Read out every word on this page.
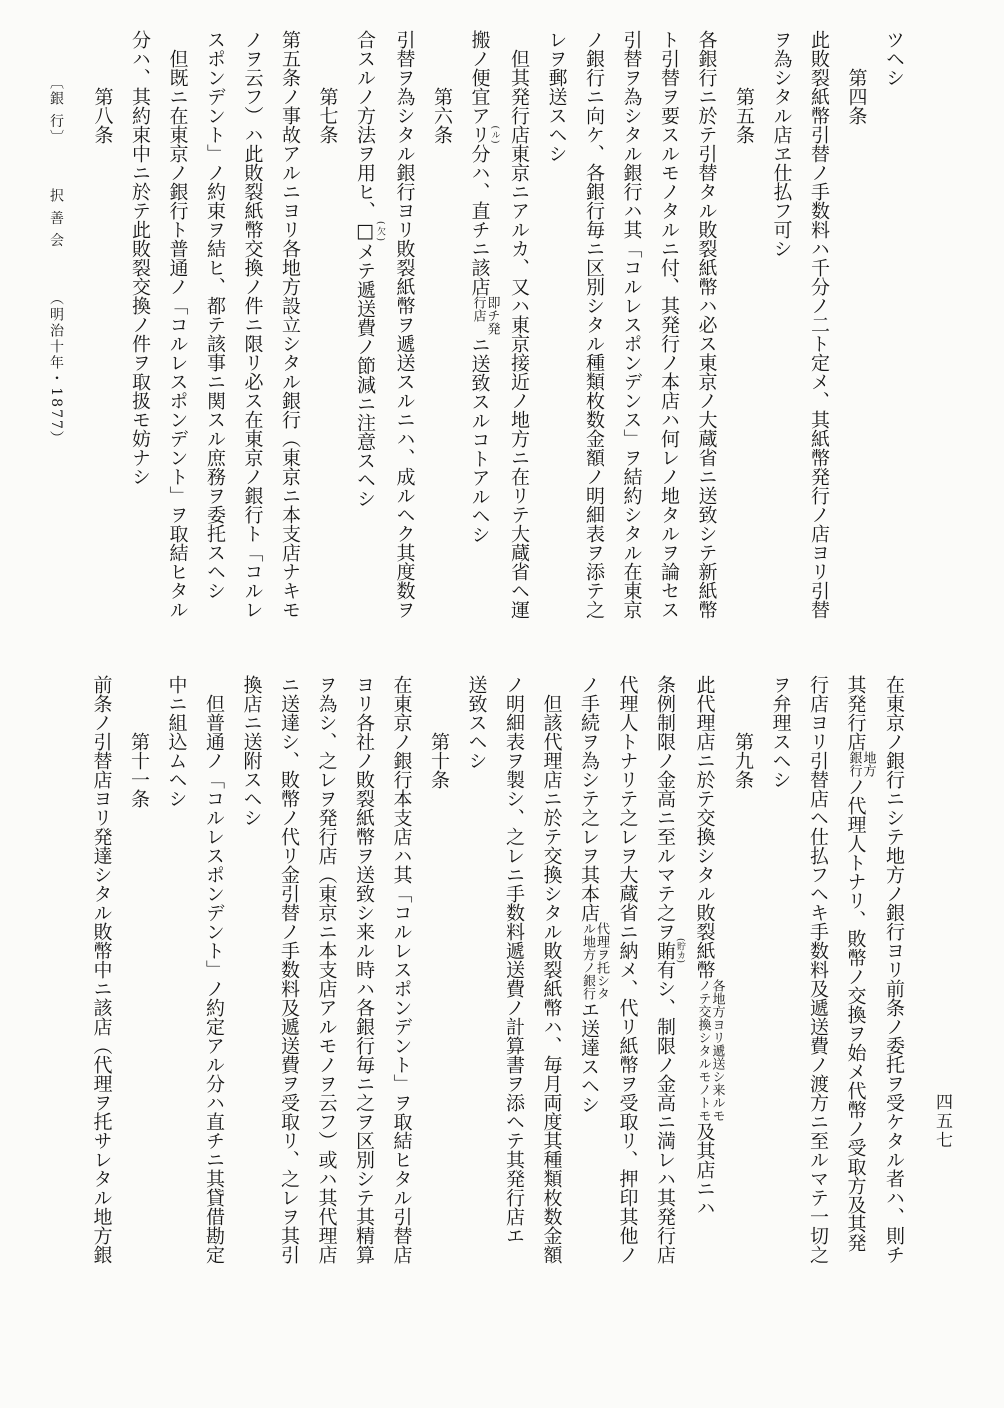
〔銀 行〕 択 善 会 （明治十年・1877）
ツヘシ
第四条
此敗裂紙幣引替ノ手数料ハ千分ノ二ト定メ、其紙幣発行ノ店ヨリ引替
ヲ為シタル店ヱ仕払フ可シ
第五条
各銀行ニ於テ引替タル敗裂紙幣ハ必ス東京ノ大蔵省ニ送致シテ新紙幣
ト引替ヲ要スルモノタルニ付、其発行ノ本店ハ何レノ地タルヲ論セス
引替ヲ為シタル銀行ハ其「コルレスポンデンス」ヲ結約シタル在東京
ノ銀行ニ向ケ、各銀行毎ニ区別シタル種類枚数金額ノ明細表ヲ添テ之
レヲ郵送スヘシ
但其発行店東京ニアルカ、又ハ東京接近ノ地方ニ在リテ大蔵省ヘ運
搬ノ便宜アリ (ル)分ハ、直チニ該店
即チ発
行店
ニ送致スルコトアルヘシ
第六条
引替ヲ為シタル銀行ヨリ敗裂紙幣ヲ遞送スルニハ、成ルヘク其度数ヲ
合スルノ方法ヲ用ヒ、□ (欠)メテ遞送費ノ節減ニ注意スヘシ
第七条
第五条ノ事故アルニヨリ各地方設立シタル銀行（東京ニ本支店ナキモ
ノヲ云フ）ハ此敗裂紙幣交換ノ件ニ限リ必ス在東京ノ銀行ト「コルレ
スポンデント」ノ約束ヲ結ヒ、都テ該事ニ関スル庶務ヲ委托スヘシ
但既ニ在東京ノ銀行ト普通ノ「コルレスポンデント」ヲ取結ヒタル
分ハ、其約束中ニ於テ此敗裂交換ノ件ヲ取扱モ妨ナシ
第八条
在東京ノ銀行ニシテ地方ノ銀行ヨリ前条ノ委托ヲ受ケタル者ハ、則チ
其発行店
地方
銀行
ノ代理人トナリ、敗幣ノ交換ヲ始メ代幣ノ受取方及其発
行店ヨリ引替店ヘ仕払フヘキ手数料及遞送費ノ渡方ニ至ルマテ一切之
ヲ弁理スヘシ
第九条
此代理店ニ於テ交換シタル敗裂紙幣
各地方ヨリ遞送シ来ルモ
ノテ交換シタルモノトモ
及其店ニハ
条例制限ノ金高ニ至ルマテ之ヲ賄 (貯カ)有シ、制限ノ金高ニ満レハ其発行店
代理人トナリテ之レヲ大蔵省ニ納メ、代リ紙幣ヲ受取リ、押印其他ノ
ノ手続ヲ為シテ之レヲ其本店
代理ヲ托シタ
ル地方ノ銀行
エ送達スヘシ
但該代理店ニ於テ交換シタル敗裂紙幣ハ、毎月両度其種類枚数金額
ノ明細表ヲ製シ、之レニ手数料遞送費ノ計算書ヲ添ヘテ其発行店エ
送致スヘシ
第十条
在東京ノ銀行本支店ハ其「コルレスポンデント」ヲ取結ヒタル引替店
ヨリ各社ノ敗裂紙幣ヲ送致シ来ル時ハ各銀行毎ニ之ヲ区別シテ其精算
ヲ為シ、之レヲ発行店（東京ニ本支店アルモノヲ云フ）或ハ其代理店
ニ送達シ、敗幣ノ代リ金引替ノ手数料及遞送費ヲ受取リ、之レヲ其引
換店ニ送附スヘシ
但普通ノ「コルレスポンデント」ノ約定アル分ハ直チニ其貸借勘定
中ニ組込ムヘシ
第十一条
前条ノ引替店ヨリ発達シタル敗幣中ニ該店（代理ヲ托サレタル地方銀	四五七
